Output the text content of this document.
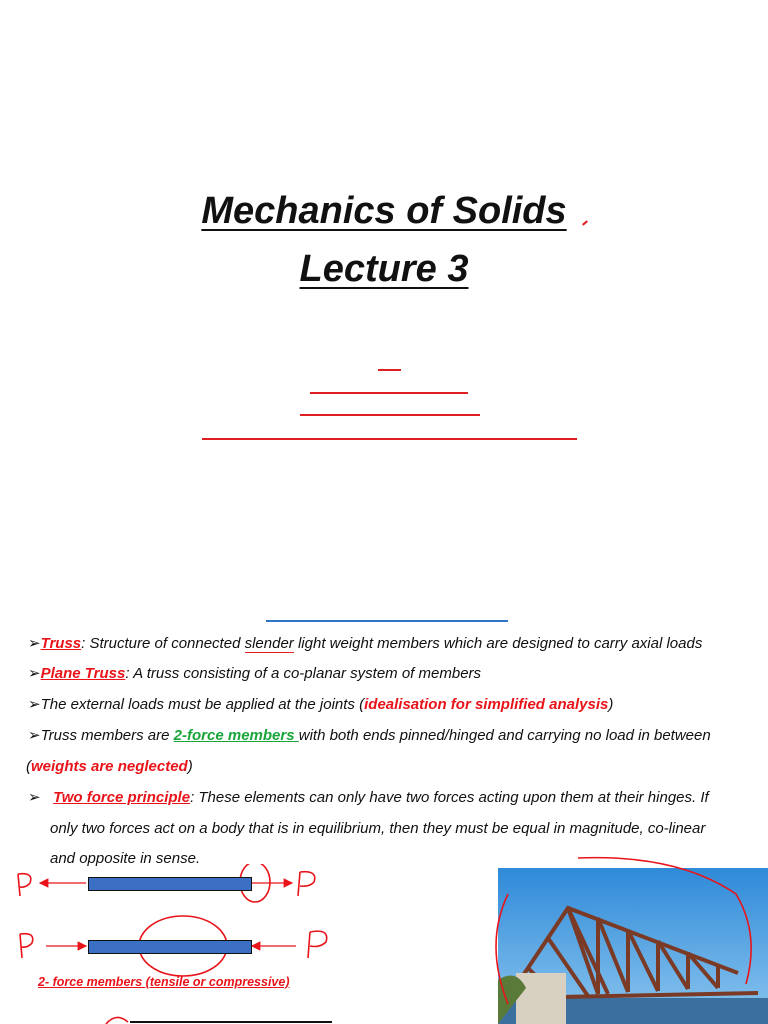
Mechanics of Solids
Lecture 3
➢Truss: Structure of connected slender light weight members which are designed to carry axial loads
➢Plane Truss: A truss consisting of a co-planar system of members
➢The external loads must be applied at the joints (idealisation for simplified analysis)
➢Truss members are 2-force members with both ends pinned/hinged and carrying no load in between
(weights are neglected)
➢ Two force principle: These elements can only have two forces acting upon them at their hinges. If
only two forces act on a body that is in equilibrium, then they must be equal in magnitude, co-linear
and opposite in sense.
2- force members (tensile or compressive)
